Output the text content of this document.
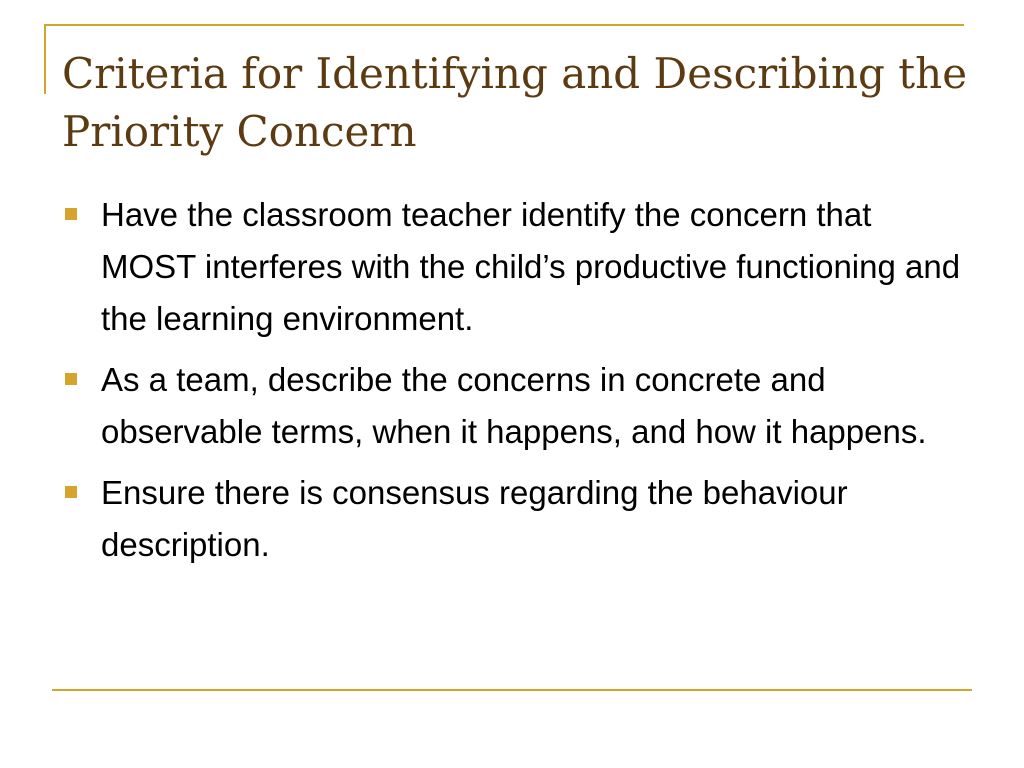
Criteria for Identifying and Describing the Priority Concern
Have the classroom teacher identify the concern that MOST interferes with the child’s productive functioning and the learning environment.
As a team, describe the concerns in concrete and observable terms, when it happens, and how it happens.
Ensure there is consensus regarding the behaviour description.
